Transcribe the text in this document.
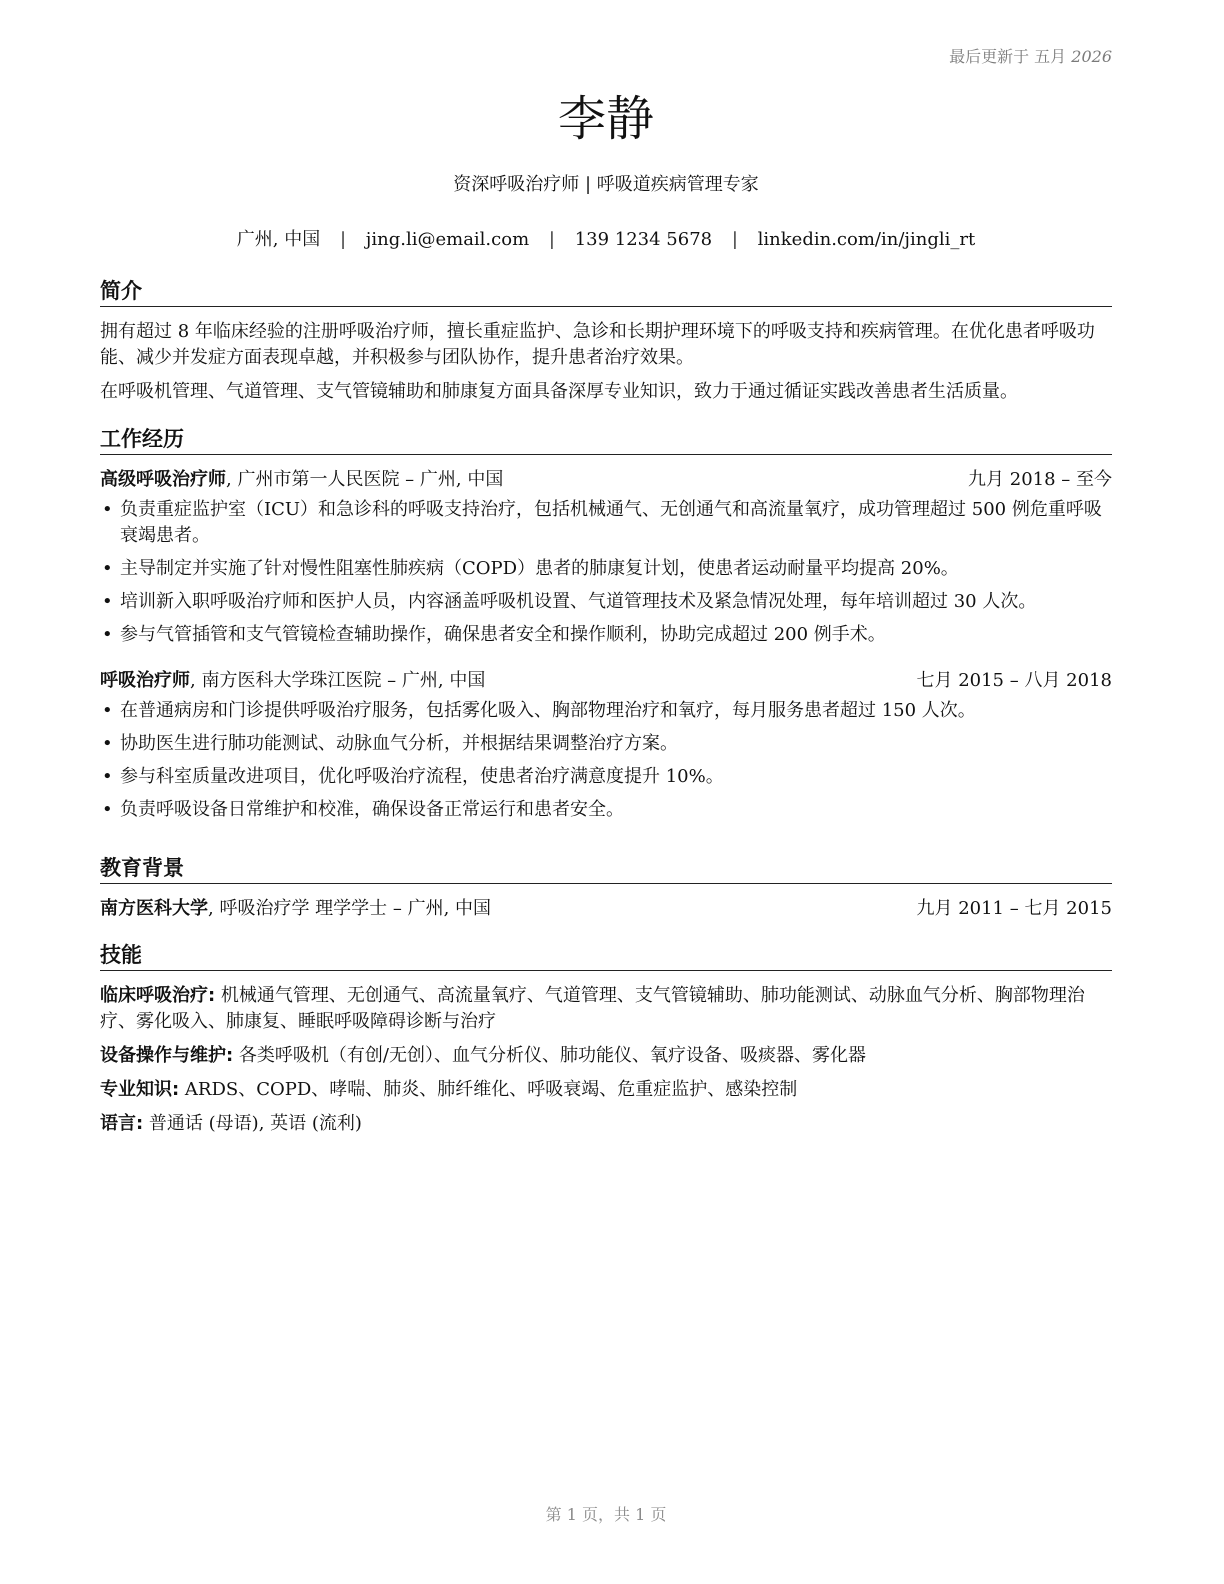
最后更新于 五月 2026
李静
资深呼吸治疗师 | 呼吸道疾病管理专家
广州, 中国 | jing.li@email.com | 139 1234 5678 | linkedin.com/in/jingli_rt
简介

拥有超过 8 年临床经验的注册呼吸治疗师，擅长重症监护、急诊和长期护理环境下的呼吸支持和疾病管理。在优化患者呼吸功能、减少并发症方面表现卓越，并积极参与团队协作，提升患者治疗效果。

在呼吸机管理、气道管理、支气管镜辅助和肺康复方面具备深厚专业知识，致力于通过循证实践改善患者生活质量。

工作经历
高级呼吸治疗师, 广州市第一人民医院 – 广州, 中国	九月 2018 – 至今
• 负责重症监护室（ICU）和急诊科的呼吸支持治疗，包括机械通气、无创通气和高流量氧疗，成功管理超过 500 例危重呼吸衰竭患者。
• 主导制定并实施了针对慢性阻塞性肺疾病（COPD）患者的肺康复计划，使患者运动耐量平均提高 20%。
• 培训新入职呼吸治疗师和医护人员，内容涵盖呼吸机设置、气道管理技术及紧急情况处理，每年培训超过 30 人次。
• 参与气管插管和支气管镜检查辅助操作，确保患者安全和操作顺利，协助完成超过 200 例手术。
呼吸治疗师, 南方医科大学珠江医院 – 广州, 中国	七月 2015 – 八月 2018
• 在普通病房和门诊提供呼吸治疗服务，包括雾化吸入、胸部物理治疗和氧疗，每月服务患者超过 150 人次。
• 协助医生进行肺功能测试、动脉血气分析，并根据结果调整治疗方案。
• 参与科室质量改进项目，优化呼吸治疗流程，使患者治疗满意度提升 10%。
• 负责呼吸设备日常维护和校准，确保设备正常运行和患者安全。
教育背景
南方医科大学, 呼吸治疗学 理学学士 – 广州, 中国	九月 2011 – 七月 2015
技能
临床呼吸治疗: 机械通气管理、无创通气、高流量氧疗、气道管理、支气管镜辅助、肺功能测试、动脉血气分析、胸部物理治疗、雾化吸入、肺康复、睡眠呼吸障碍诊断与治疗
设备操作与维护: 各类呼吸机（有创/无创）、血气分析仪、肺功能仪、氧疗设备、吸痰器、雾化器
专业知识: ARDS、COPD、哮喘、肺炎、肺纤维化、呼吸衰竭、危重症监护、感染控制
语言: 普通话 (母语), 英语 (流利)
第 1 页，共 1 页
